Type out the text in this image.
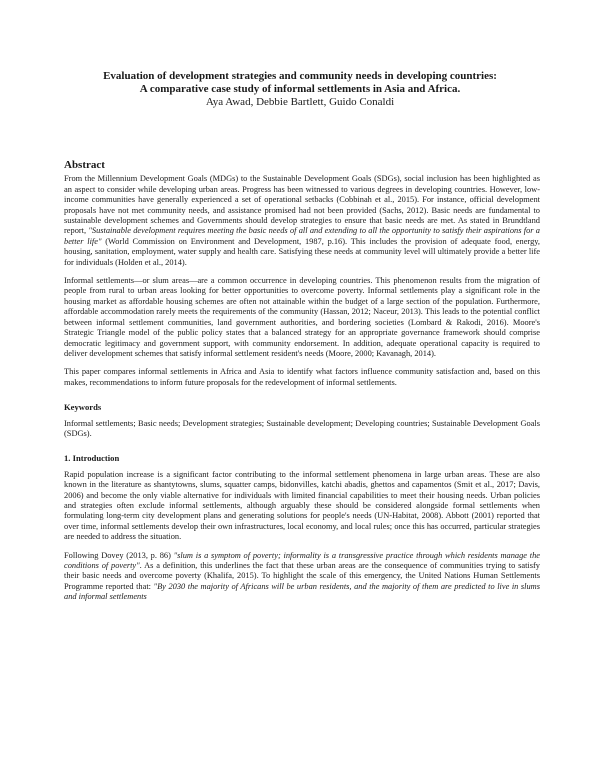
Evaluation of development strategies and community needs in developing countries:

A comparative case study of informal settlements in Asia and Africa.

Aya Awad, Debbie Bartlett, Guido Conaldi

Abstract

From the Millennium Development Goals (MDGs) to the Sustainable Development Goals (SDGs), social inclusion has been highlighted as an aspect to consider while developing urban areas. Progress has been witnessed to various degrees in developing countries. However, low-income communities have generally experienced a set of operational setbacks (Cobbinah et al., 2015). For instance, official development proposals have not met community needs, and assistance promised had not been provided (Sachs, 2012). Basic needs are fundamental to sustainable development schemes and Governments should develop strategies to ensure that basic needs are met. As stated in Brundtland report, "Sustainable development requires meeting the basic needs of all and extending to all the opportunity to satisfy their aspirations for a better life" (World Commission on Environment and Development, 1987, p.16). This includes the provision of adequate food, energy, housing, sanitation, employment, water supply and health care. Satisfying these needs at community level will ultimately provide a better life for individuals (Holden et al., 2014).

Informal settlements—or slum areas—are a common occurrence in developing countries. This phenomenon results from the migration of people from rural to urban areas looking for better opportunities to overcome poverty. Informal settlements play a significant role in the housing market as affordable housing schemes are often not attainable within the budget of a large section of the population. Furthermore, affordable accommodation rarely meets the requirements of the community (Hassan, 2012; Naceur, 2013). This leads to the potential conflict between informal settlement communities, land government authorities, and bordering societies (Lombard & Rakodi, 2016). Moore's Strategic Triangle model of the public policy states that a balanced strategy for an appropriate governance framework should comprise democratic legitimacy and government support, with community endorsement. In addition, adequate operational capacity is required to deliver development schemes that satisfy informal settlement resident's needs (Moore, 2000; Kavanagh, 2014).

This paper compares informal settlements in Africa and Asia to identify what factors influence community satisfaction and, based on this makes, recommendations to inform future proposals for the redevelopment of informal settlements.

Keywords

Informal settlements; Basic needs; Development strategies; Sustainable development; Developing countries; Sustainable Development Goals (SDGs).

1. Introduction

Rapid population increase is a significant factor contributing to the informal settlement phenomena in large urban areas. These are also known in the literature as shantytowns, slums, squatter camps, bidonvilles, katchi abadis, ghettos and capamentos (Smit et al., 2017; Davis, 2006) and become the only viable alternative for individuals with limited financial capabilities to meet their housing needs. Urban policies and strategies often exclude informal settlements, although arguably these should be considered alongside formal settlements when formulating long-term city development plans and generating solutions for people's needs (UN-Habitat, 2008). Abbott (2001) reported that over time, informal settlements develop their own infrastructures, local economy, and local rules; once this has occurred, particular strategies are needed to address the situation.

Following Dovey (2013, p. 86) "slum is a symptom of poverty; informality is a transgressive practice through which residents manage the conditions of poverty". As a definition, this underlines the fact that these urban areas are the consequence of communities trying to satisfy their basic needs and overcome poverty (Khalifa, 2015). To highlight the scale of this emergency, the United Nations Human Settlements Programme reported that: "By 2030 the majority of Africans will be urban residents, and the majority of them are predicted to live in slums and informal settlements
